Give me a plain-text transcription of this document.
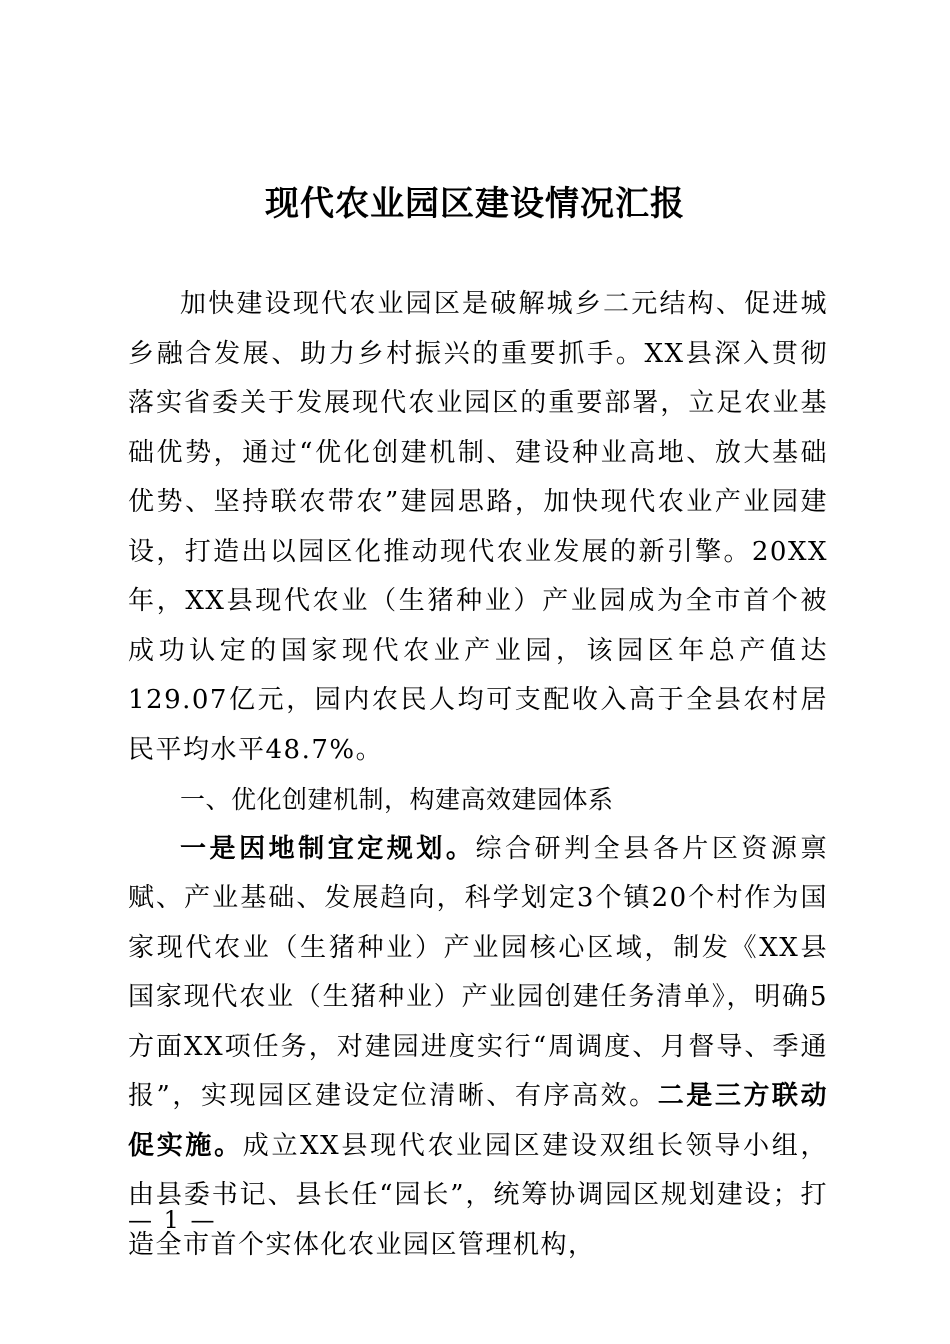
现代农业园区建设情况汇报

加快建设现代农业园区是破解城乡二元结构、促进城乡融合发展、助力乡村振兴的重要抓手。XX县深入贯彻落实省委关于发展现代农业园区的重要部署，立足农业基础优势，通过“优化创建机制、建设种业高地、放大基础优势、坚持联农带农”建园思路，加快现代农业产业园建设，打造出以园区化推动现代农业发展的新引擎。20XX年，XX县现代农业（生猪种业）产业园成为全市首个被成功认定的国家现代农业产业园，该园区年总产值达129.07亿元，园内农民人均可支配收入高于全县农村居民平均水平48.7%。

一、优化创建机制，构建高效建园体系

一是因地制宜定规划。综合研判全县各片区资源禀赋、产业基础、发展趋向，科学划定3个镇20个村作为国家现代农业（生猪种业）产业园核心区域，制发《XX县国家现代农业（生猪种业）产业园创建任务清单》，明确5方面XX项任务，对建园进度实行“周调度、月督导、季通报”，实现园区建设定位清晰、有序高效。二是三方联动促实施。成立XX县现代农业园区建设双组长领导小组，由县委书记、县长任“园长”，统筹协调园区规划建设；打造全市首个实体化农业园区管理机构，

— 1 —
